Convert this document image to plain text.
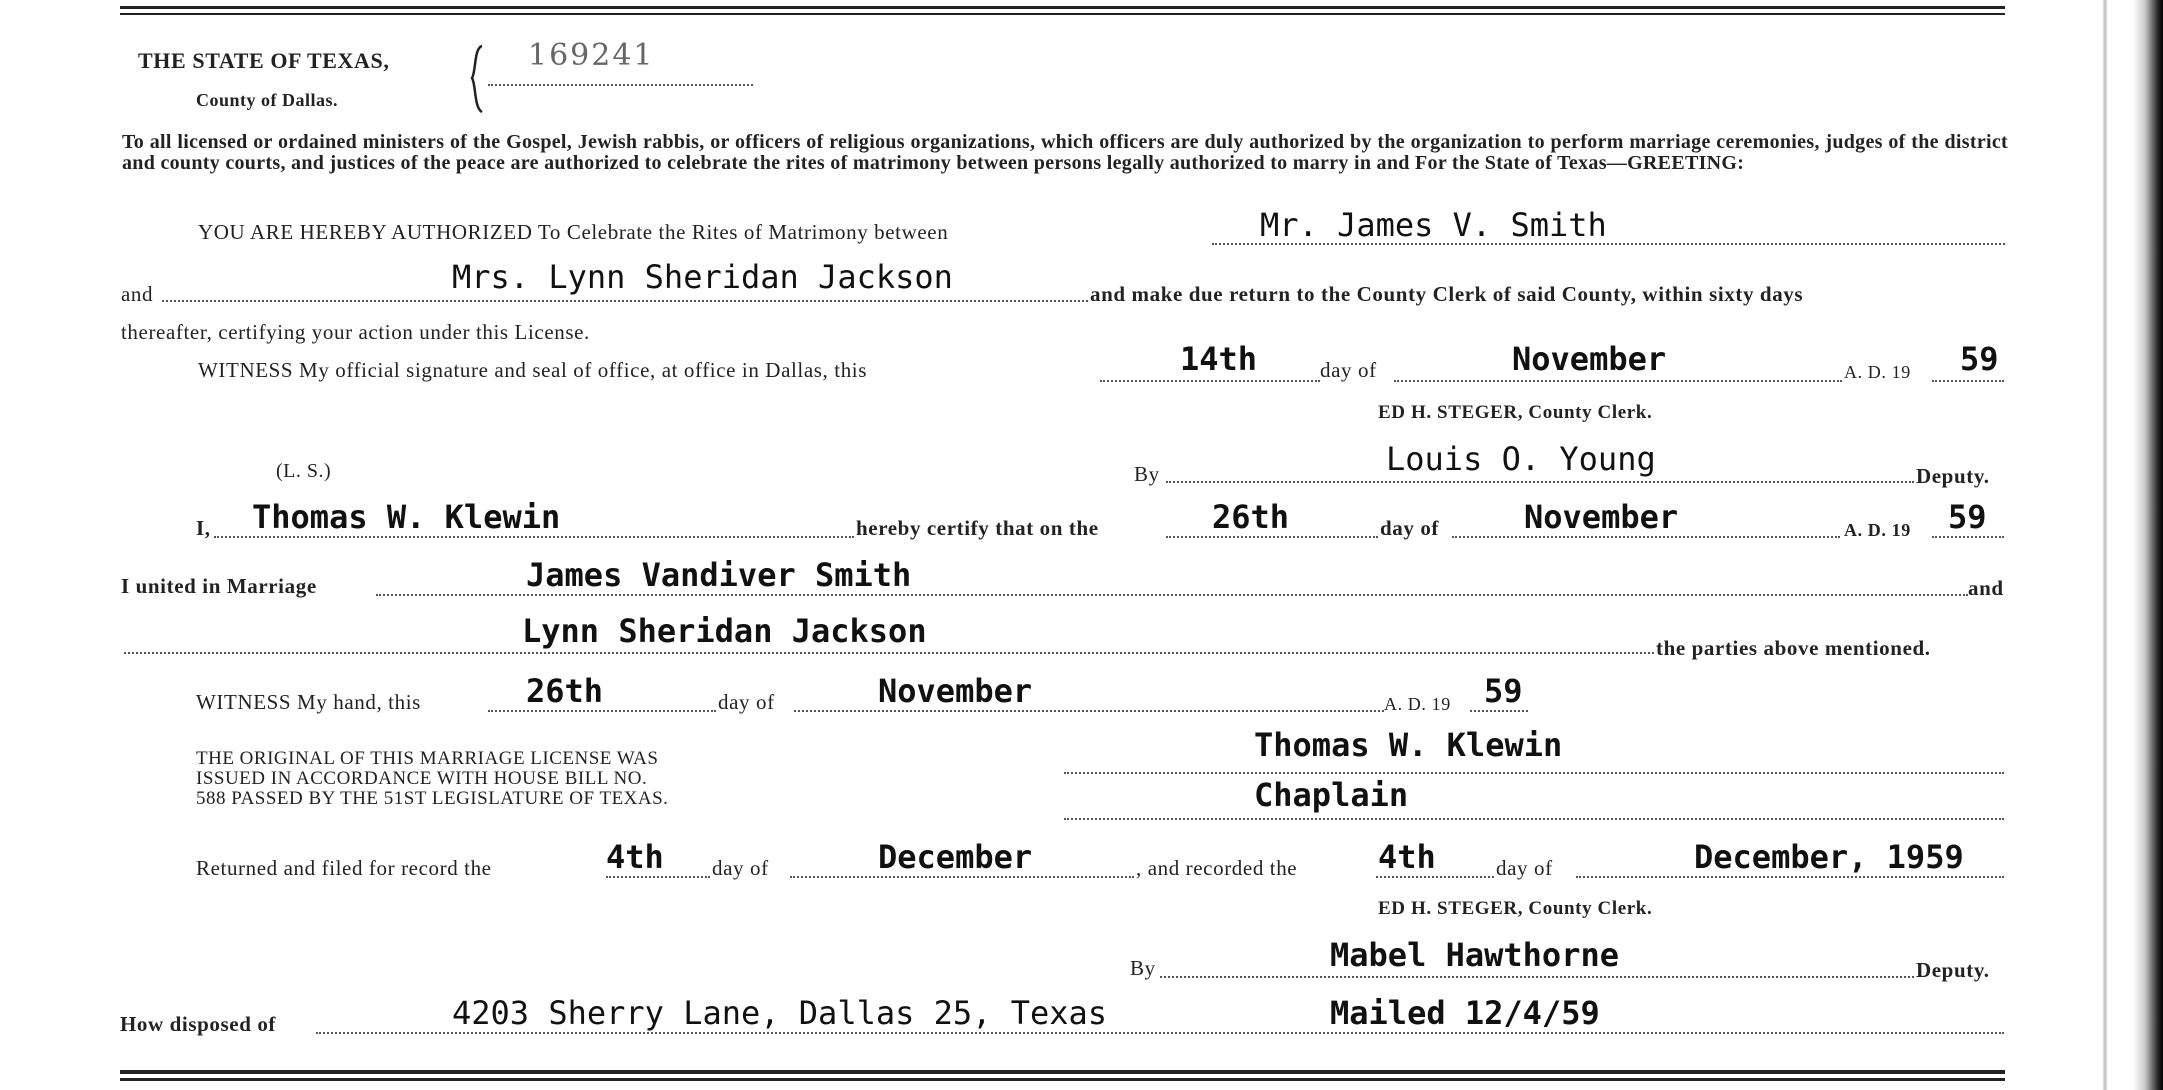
THE STATE OF TEXAS,
County of Dallas.
169241
To all licensed or ordained ministers of the Gospel, Jewish rabbis, or officers of religious organizations, which officers are duly authorized by the organization to perform marriage ceremonies, judges of the district and county courts, and justices of the peace are authorized to celebrate the rites of matrimony between persons legally authorized to marry in and For the State of Texas—GREETING:
YOU ARE HEREBY AUTHORIZED To Celebrate the Rites of Matrimony between	Mr. James V. Smith
and	Mrs. Lynn Sheridan Jackson	and make due return to the County Clerk of said County, within sixty days
thereafter, certifying your action under this License.
WITNESS My official signature and seal of office, at office in Dallas, this	14th	day of	November	A. D. 19 59
ED H. STEGER, County Clerk.
(L. S.)	By	Louis O. Young	Deputy.
I, Thomas W. Klewin	hereby certify that on the	26th	day of	November	A. D. 19 59
I united in Marriage	James Vandiver Smith	and
Lynn Sheridan Jackson	the parties above mentioned.
WITNESS My hand, this	26th	day of	November	A. D. 19 59
THE ORIGINAL OF THIS MARRIAGE LICENSE WAS
ISSUED IN ACCORDANCE WITH HOUSE BILL NO.
588 PASSED BY THE 51ST LEGISLATURE OF TEXAS.
Thomas W. Klewin
Chaplain
Returned and filed for record the	4th day of	December	, and recorded the	4th	day of	December, 1959
ED H. STEGER, County Clerk.
By	Mabel Hawthorne	Deputy.
How disposed of	4203 Sherry Lane, Dallas 25, Texas	Mailed 12/4/59
